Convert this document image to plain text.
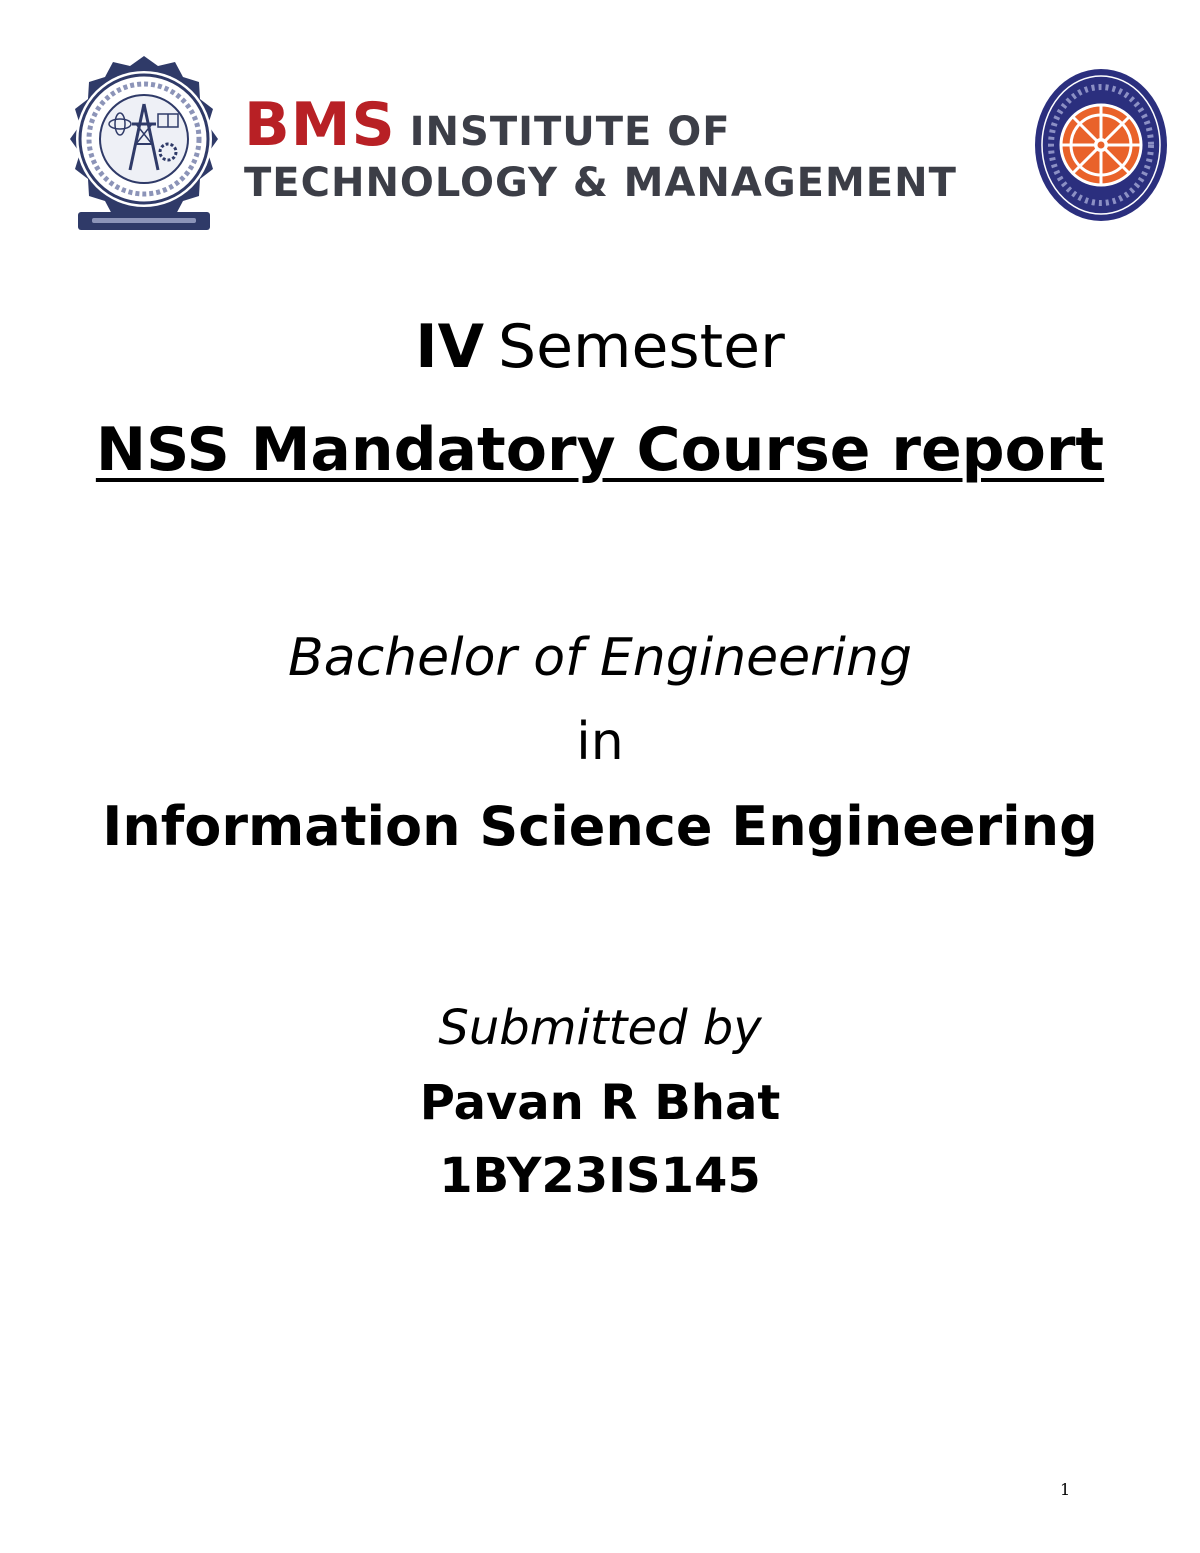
BMS INSTITUTE OF
TECHNOLOGY & MANAGEMENT
IV Semester
NSS Mandatory Course report
Bachelor of Engineering
in
Information Science Engineering
Submitted by
Pavan R Bhat
1BY23IS145
1
